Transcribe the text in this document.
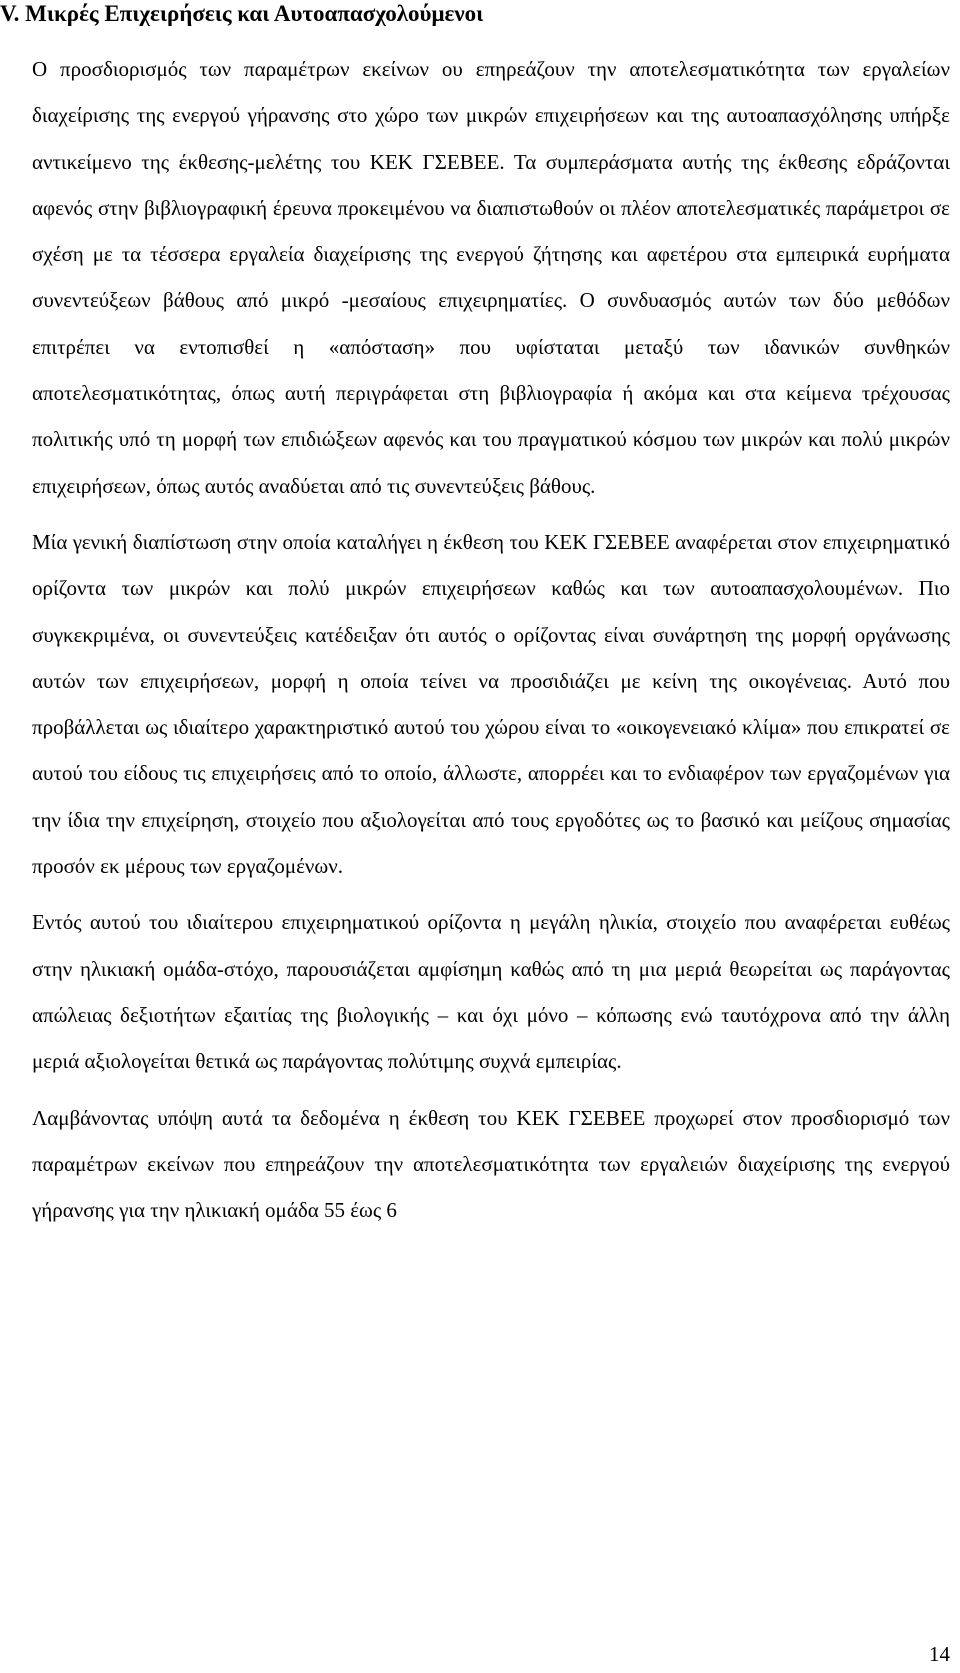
V. Μικρές Επιχειρήσεις και Αυτοαπασχολούμενοι

Ο προσδιορισμός των παραμέτρων εκείνων ου επηρεάζουν την αποτελεσματικότητα των εργαλείων διαχείρισης της ενεργού γήρανσης στο χώρο των μικρών επιχειρήσεων και της αυτοαπασχόλησης υπήρξε αντικείμενο της έκθεσης-μελέτης του ΚΕΚ ΓΣΕΒΕΕ. Τα συμπεράσματα αυτής της έκθεσης εδράζονται αφενός στην βιβλιογραφική έρευνα προκειμένου να διαπιστωθούν οι πλέον αποτελεσματικές παράμετροι σε σχέση με τα τέσσερα εργαλεία διαχείρισης της ενεργού ζήτησης και αφετέρου στα εμπειρικά ευρήματα συνεντεύξεων βάθους από μικρό -μεσαίους επιχειρηματίες. Ο συνδυασμός αυτών των δύο μεθόδων επιτρέπει να εντοπισθεί η «απόσταση» που υφίσταται μεταξύ των ιδανικών συνθηκών αποτελεσματικότητας, όπως αυτή περιγράφεται στη βιβλιογραφία ή ακόμα και στα κείμενα τρέχουσας πολιτικής υπό τη μορφή των επιδιώξεων αφενός και του πραγματικού κόσμου των μικρών και πολύ μικρών επιχειρήσεων, όπως αυτός αναδύεται από τις συνεντεύξεις βάθους.

Μία γενική διαπίστωση στην οποία καταλήγει η έκθεση του ΚΕΚ ΓΣΕΒΕΕ αναφέρεται στον επιχειρηματικό ορίζοντα των μικρών και πολύ μικρών επιχειρήσεων καθώς και των αυτοαπασχολουμένων. Πιο συγκεκριμένα, οι συνεντεύξεις κατέδειξαν ότι αυτός ο ορίζοντας είναι συνάρτηση της μορφή οργάνωσης αυτών των επιχειρήσεων, μορφή η οποία τείνει να προσιδιάζει με κείνη της οικογένειας. Αυτό που προβάλλεται ως ιδιαίτερο χαρακτηριστικό αυτού του χώρου είναι το «οικογενειακό κλίμα» που επικρατεί σε αυτού του είδους τις επιχειρήσεις από το οποίο, άλλωστε, απορρέει και το ενδιαφέρον των εργαζομένων για την ίδια την επιχείρηση, στοιχείο που αξιολογείται από τους εργοδότες ως το βασικό και μείζους σημασίας προσόν εκ μέρους των εργαζομένων.

Εντός αυτού του ιδιαίτερου επιχειρηματικού ορίζοντα η μεγάλη ηλικία, στοιχείο που αναφέρεται ευθέως στην ηλικιακή ομάδα-στόχο, παρουσιάζεται αμφίσημη καθώς από τη μια μεριά θεωρείται ως παράγοντας απώλειας δεξιοτήτων εξαιτίας της βιολογικής – και όχι μόνο – κόπωσης ενώ ταυτόχρονα από την άλλη μεριά αξιολογείται θετικά ως παράγοντας πολύτιμης συχνά εμπειρίας.

Λαμβάνοντας υπόψη αυτά τα δεδομένα η έκθεση του ΚΕΚ ΓΣΕΒΕΕ προχωρεί στον προσδιορισμό των παραμέτρων εκείνων που επηρεάζουν την αποτελεσματικότητα των εργαλειών διαχείρισης της ενεργού γήρανσης για την ηλικιακή ομάδα 55 έως 6

14
